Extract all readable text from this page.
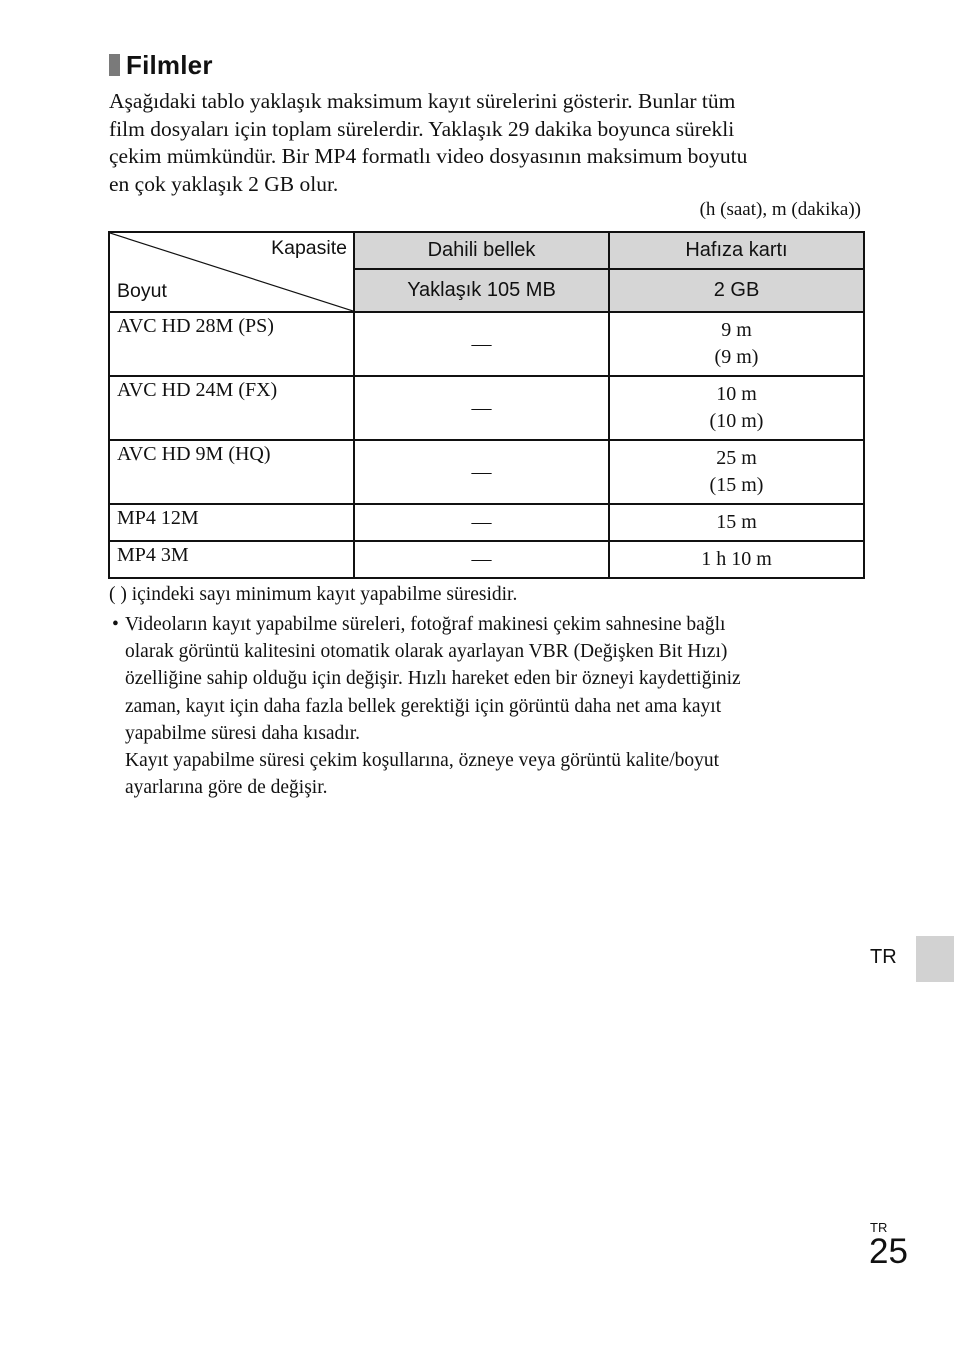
Filmler
Aşağıdaki tablo yaklaşık maksimum kayıt sürelerini gösterir. Bunlar tüm
film dosyaları için toplam sürelerdir. Yaklaşık 29 dakika boyunca sürekli
çekim mümkündür. Bir MP4 formatlı video dosyasının maksimum boyutu
en çok yaklaşık 2 GB olur.
(h (saat), m (dakika))
Kapasite
Boyut	Dahili bellek	Hafıza kartı
	Yaklaşık 105 MB	2 GB
AVC HD 28M (PS)	—	9 m
(9 m)

AVC HD 24M (FX)	—	10 m
(10 m)

AVC HD 9M (HQ)	—	25 m
(15 m)

MP4 12M	—	15 m
MP4 3M	—	1 h 10 m
( ) içindeki sayı minimum kayıt yapabilme süresidir.
• Videoların kayıt yapabilme süreleri, fotoğraf makinesi çekim sahnesine bağlı
olarak görüntü kalitesini otomatik olarak ayarlayan VBR (Değişken Bit Hızı)
özelliğine sahip olduğu için değişir. Hızlı hareket eden bir özneyi kaydettiğiniz
zaman, kayıt için daha fazla bellek gerektiği için görüntü daha net ama kayıt
yapabilme süresi daha kısadır.
Kayıt yapabilme süresi çekim koşullarına, özneye veya görüntü kalite/boyut
ayarlarına göre de değişir.
TR
TR
25
